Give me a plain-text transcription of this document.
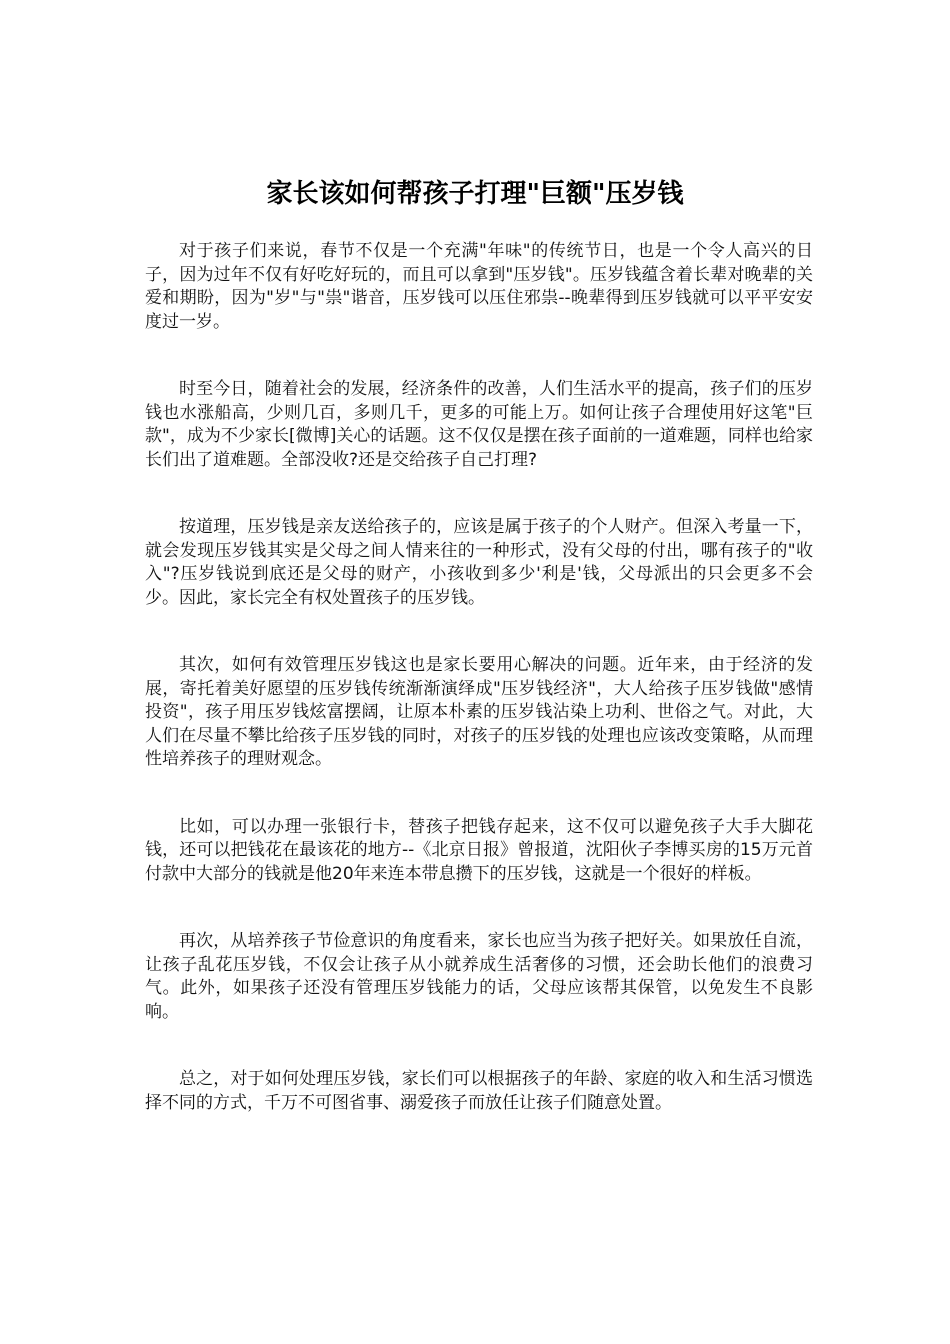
家长该如何帮孩子打理"巨额"压岁钱

对于孩子们来说，春节不仅是一个充满"年味"的传统节日，也是一个令人高兴的日子，因为过年不仅有好吃好玩的，而且可以拿到"压岁钱"。压岁钱蕴含着长辈对晚辈的关爱和期盼，因为"岁"与"祟"谐音，压岁钱可以压住邪祟--晚辈得到压岁钱就可以平平安安度过一岁。

时至今日，随着社会的发展，经济条件的改善，人们生活水平的提高，孩子们的压岁钱也水涨船高，少则几百，多则几千，更多的可能上万。如何让孩子合理使用好这笔"巨款"，成为不少家长[微博]关心的话题。这不仅仅是摆在孩子面前的一道难题，同样也给家长们出了道难题。全部没收?还是交给孩子自己打理?

按道理，压岁钱是亲友送给孩子的，应该是属于孩子的个人财产。但深入考量一下，就会发现压岁钱其实是父母之间人情来往的一种形式，没有父母的付出，哪有孩子的"收入"?压岁钱说到底还是父母的财产，小孩收到多少'利是'钱，父母派出的只会更多不会少。因此，家长完全有权处置孩子的压岁钱。

其次，如何有效管理压岁钱这也是家长要用心解决的问题。近年来，由于经济的发展，寄托着美好愿望的压岁钱传统渐渐演绎成"压岁钱经济"，大人给孩子压岁钱做"感情投资"，孩子用压岁钱炫富摆阔，让原本朴素的压岁钱沾染上功利、世俗之气。对此，大人们在尽量不攀比给孩子压岁钱的同时，对孩子的压岁钱的处理也应该改变策略，从而理性培养孩子的理财观念。

比如，可以办理一张银行卡，替孩子把钱存起来，这不仅可以避免孩子大手大脚花钱，还可以把钱花在最该花的地方--《北京日报》曾报道，沈阳伙子李博买房的15万元首付款中大部分的钱就是他20年来连本带息攒下的压岁钱，这就是一个很好的样板。

再次，从培养孩子节俭意识的角度看来，家长也应当为孩子把好关。如果放任自流，让孩子乱花压岁钱，不仅会让孩子从小就养成生活奢侈的习惯，还会助长他们的浪费习气。此外，如果孩子还没有管理压岁钱能力的话，父母应该帮其保管，以免发生不良影响。

总之，对于如何处理压岁钱，家长们可以根据孩子的年龄、家庭的收入和生活习惯选择不同的方式，千万不可图省事、溺爱孩子而放任让孩子们随意处置。
